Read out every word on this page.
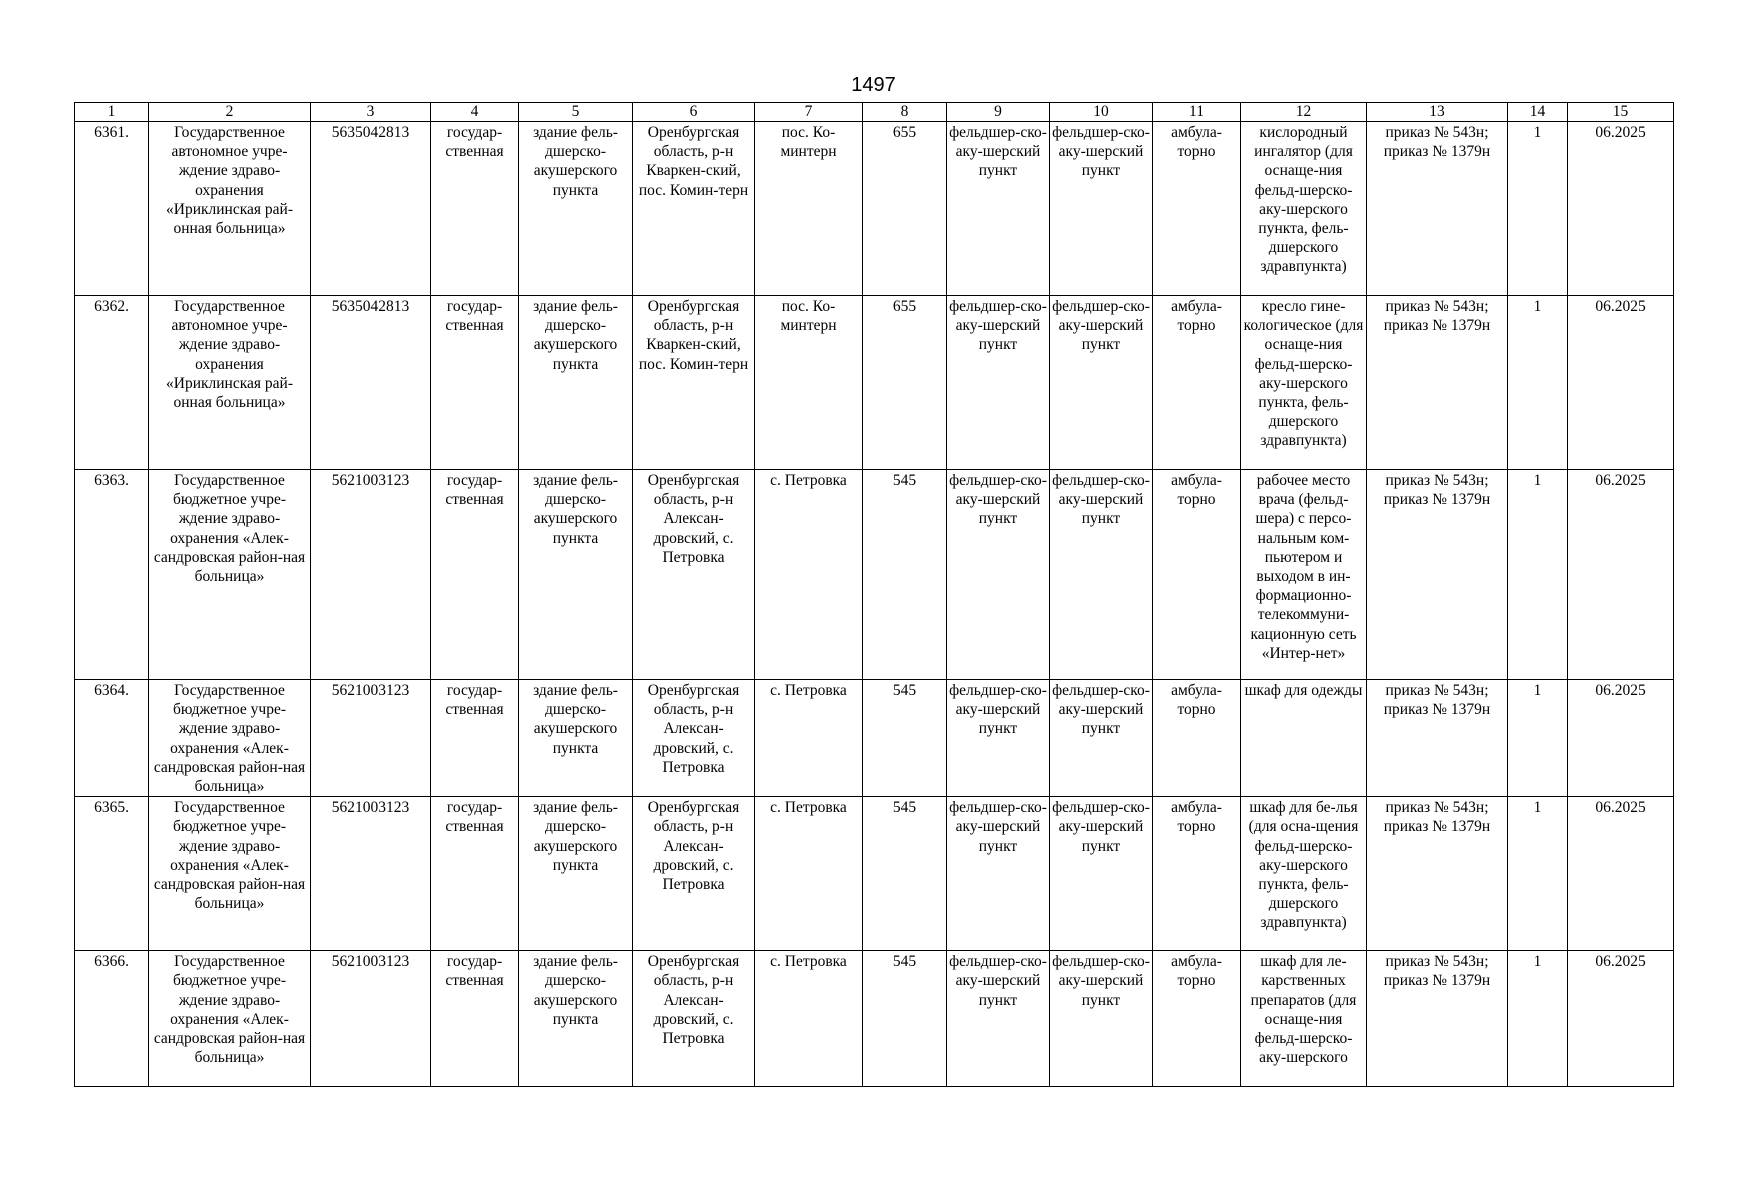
1497
1	2	3	4	5	6	7	8	9	10	11	12	13	14	15
6361.	Государственное автономное учре-ждение здраво-охранения «Ириклинская рай-онная больница»	5635042813	государ-ственная	здание фель-дшерско-акушерского пункта	Оренбургская область, р-н Кваркен-ский, пос. Комин-терн	пос. Ко-минтерн	655	фельдшер-ско-аку-шерский пункт	фельдшер-ско-аку-шерский пункт	амбула-торно	кислородный ингалятор (для оснаще-ния фельд-шерско-аку-шерского пункта, фель-дшерского здравпункта)	приказ № 543н; приказ № 1379н	1	06.2025
6362.	Государственное автономное учре-ждение здраво-охранения «Ириклинская рай-онная больница»	5635042813	государ-ственная	здание фель-дшерско-акушерского пункта	Оренбургская область, р-н Кваркен-ский, пос. Комин-терн	пос. Ко-минтерн	655	фельдшер-ско-аку-шерский пункт	фельдшер-ско-аку-шерский пункт	амбула-торно	кресло гине-кологическое (для оснаще-ния фельд-шерско-аку-шерского пункта, фель-дшерского здравпункта)	приказ № 543н; приказ № 1379н	1	06.2025
6363.	Государственное бюджетное учре-ждение здраво-охранения «Алек-сандровская район-ная больница»	5621003123	государ-ственная	здание фель-дшерско-акушерского пункта	Оренбургская область, р-н Алексан-дровский, с. Петровка	с. Петровка	545	фельдшер-ско-аку-шерский пункт	фельдшер-ско-аку-шерский пункт	амбула-торно	рабочее место врача (фельд-шера) с персо-нальным ком-пьютером и выходом в ин-формационно-телекоммуни-кационную сеть «Интер-нет»	приказ № 543н; приказ № 1379н	1	06.2025
6364.	Государственное бюджетное учре-ждение здраво-охранения «Алек-сандровская район-ная больница»	5621003123	государ-ственная	здание фель-дшерско-акушерского пункта	Оренбургская область, р-н Алексан-дровский, с. Петровка	с. Петровка	545	фельдшер-ско-аку-шерский пункт	фельдшер-ско-аку-шерский пункт	амбула-торно	шкаф для одежды	приказ № 543н; приказ № 1379н	1	06.2025
6365.	Государственное бюджетное учре-ждение здраво-охранения «Алек-сандровская район-ная больница»	5621003123	государ-ственная	здание фель-дшерско-акушерского пункта	Оренбургская область, р-н Алексан-дровский, с. Петровка	с. Петровка	545	фельдшер-ско-аку-шерский пункт	фельдшер-ско-аку-шерский пункт	амбула-торно	шкаф для бе-лья (для осна-щения фельд-шерско-аку-шерского пункта, фель-дшерского здравпункта)	приказ № 543н; приказ № 1379н	1	06.2025
6366.	Государственное бюджетное учре-ждение здраво-охранения «Алек-сандровская район-ная больница»	5621003123	государ-ственная	здание фель-дшерско-акушерского пункта	Оренбургская область, р-н Алексан-дровский, с. Петровка	с. Петровка	545	фельдшер-ско-аку-шерский пункт	фельдшер-ско-аку-шерский пункт	амбула-торно	шкаф для ле-карственных препаратов (для оснаще-ния фельд-шерско-аку-шерского	приказ № 543н; приказ № 1379н	1	06.2025
